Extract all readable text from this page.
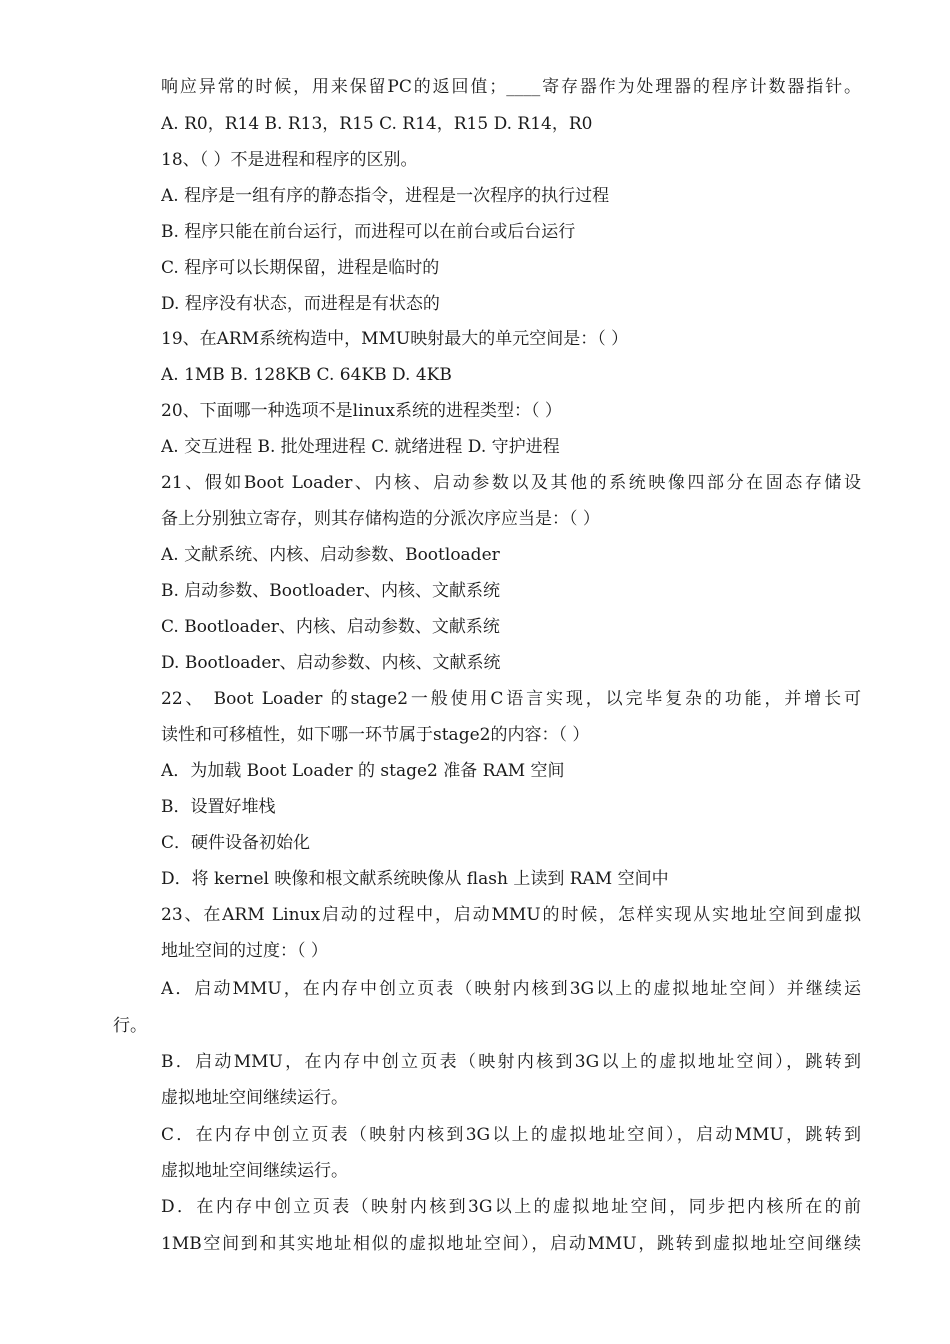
响应异常的时候，用来保留PC的返回值；____寄存器作为处理器的程序计数器指针。
A. R0，R14 B. R13，R15 C. R14，R15 D. R14，R0
18、（ ）不是进程和程序的区别。
A. 程序是一组有序的静态指令，进程是一次程序的执行过程
B. 程序只能在前台运行，而进程可以在前台或后台运行
C. 程序可以长期保留，进程是临时的
D. 程序没有状态，而进程是有状态的
19、在ARM系统构造中，MMU映射最大的单元空间是：（ ）
A. 1MB B. 128KB C. 64KB D. 4KB
20、下面哪一种选项不是linux系统的进程类型：（ ）
A. 交互进程 B. 批处理进程 C. 就绪进程 D. 守护进程
21、假如Boot Loader、内核、启动参数以及其他的系统映像四部分在固态存储设
备上分别独立寄存，则其存储构造的分派次序应当是：（ ）
A. 文献系统、内核、启动参数、Bootloader
B. 启动参数、Bootloader、内核、文献系统
C. Bootloader、内核、启动参数、文献系统
D. Bootloader、启动参数、内核、文献系统
22、 Boot Loader 的stage2一般使用C语言实现，以完毕复杂的功能，并增长可
读性和可移植性，如下哪一环节属于stage2的内容：（ ）
A．为加载 Boot Loader 的 stage2 准备 RAM 空间
B．设置好堆栈
C．硬件设备初始化
D．将 kernel 映像和根文献系统映像从 flash 上读到 RAM 空间中
23、在ARM Linux启动的过程中，启动MMU的时候，怎样实现从实地址空间到虚拟
地址空间的过度：（ ）
A．启动MMU，在内存中创立页表（映射内核到3G以上的虚拟地址空间）并继续运
行。
B．启动MMU，在内存中创立页表（映射内核到3G以上的虚拟地址空间），跳转到
虚拟地址空间继续运行。
C．在内存中创立页表（映射内核到3G以上的虚拟地址空间），启动MMU，跳转到
虚拟地址空间继续运行。
D．在内存中创立页表（映射内核到3G以上的虚拟地址空间，同步把内核所在的前
1MB空间到和其实地址相似的虚拟地址空间），启动MMU，跳转到虚拟地址空间继续
